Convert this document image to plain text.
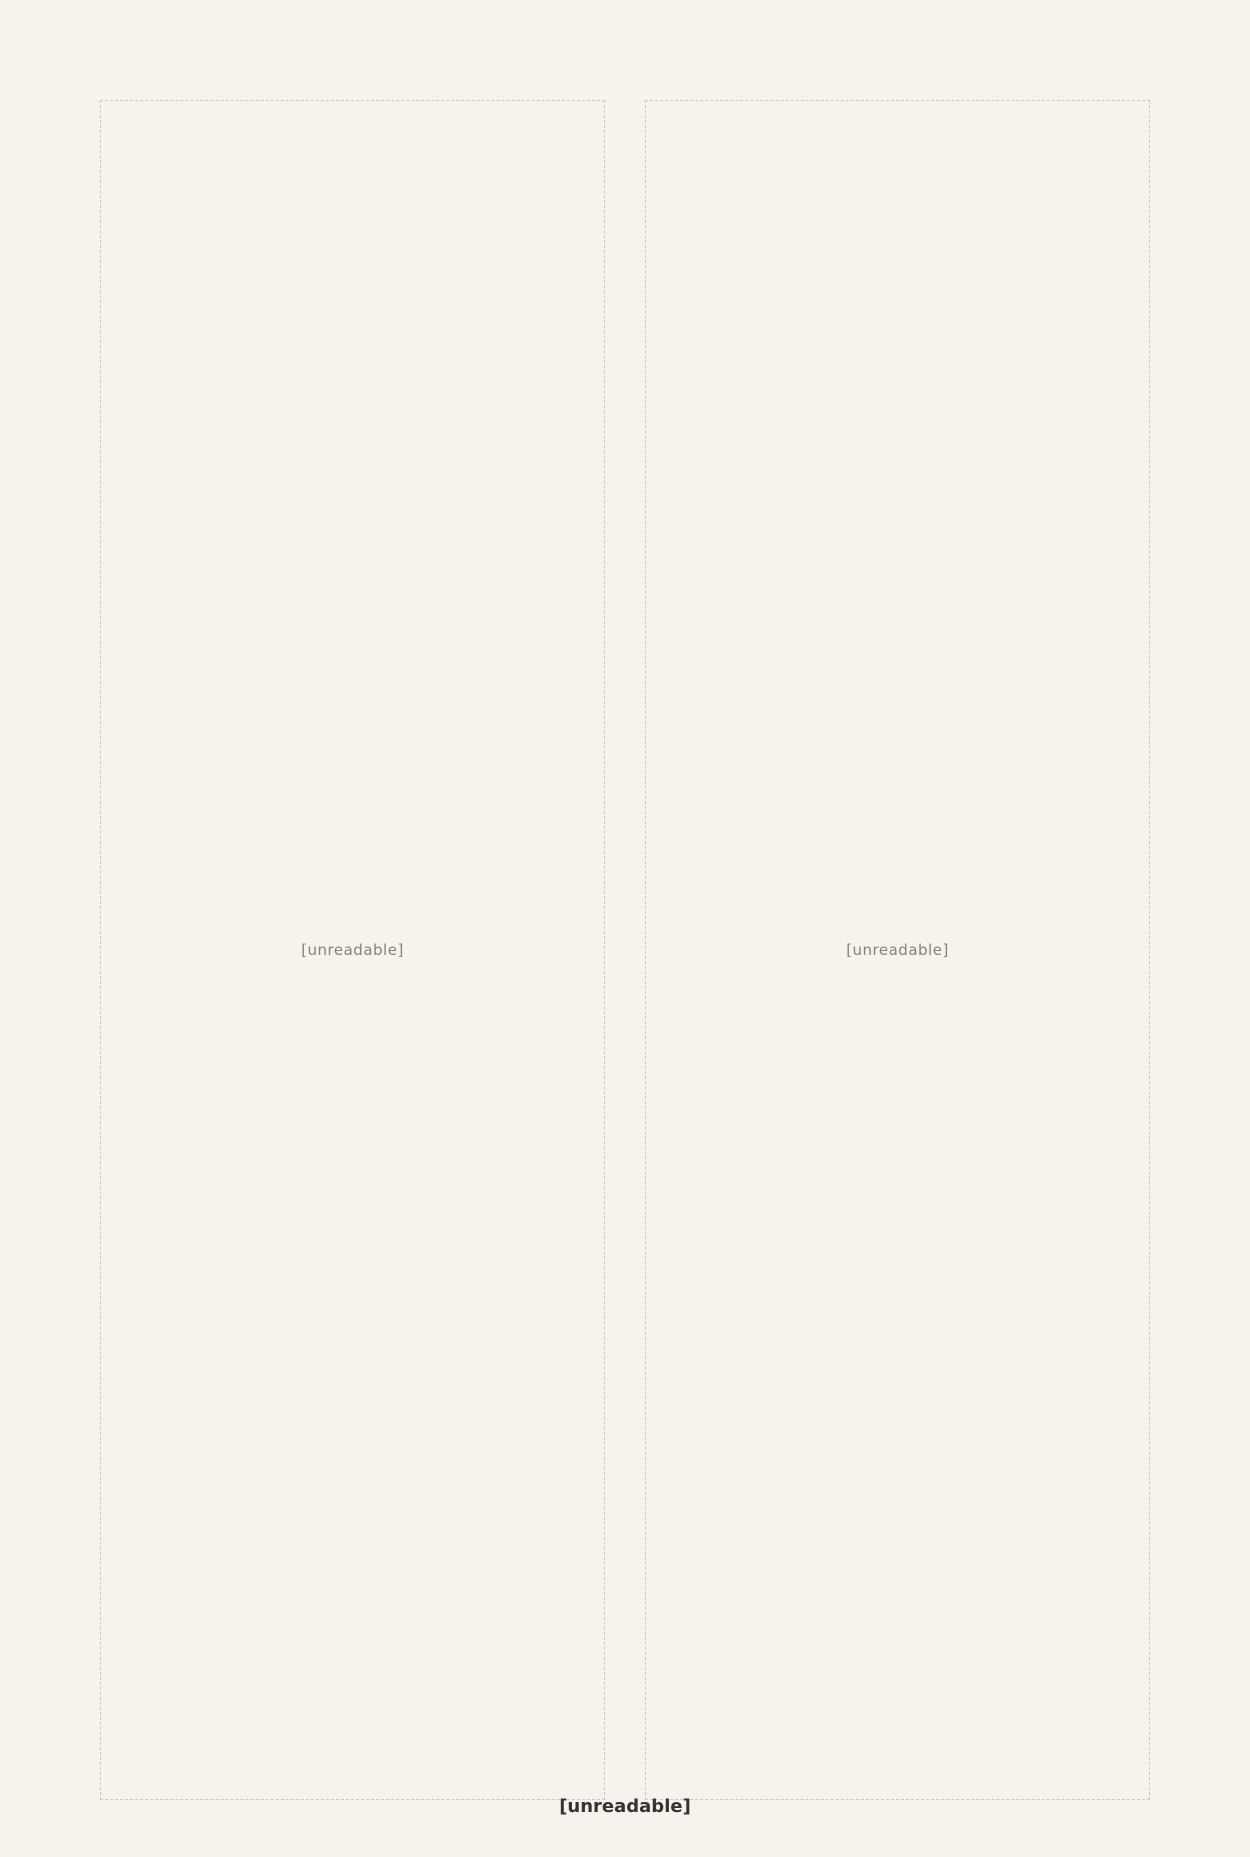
[unreadable]	[unreadable]
[unreadable]
